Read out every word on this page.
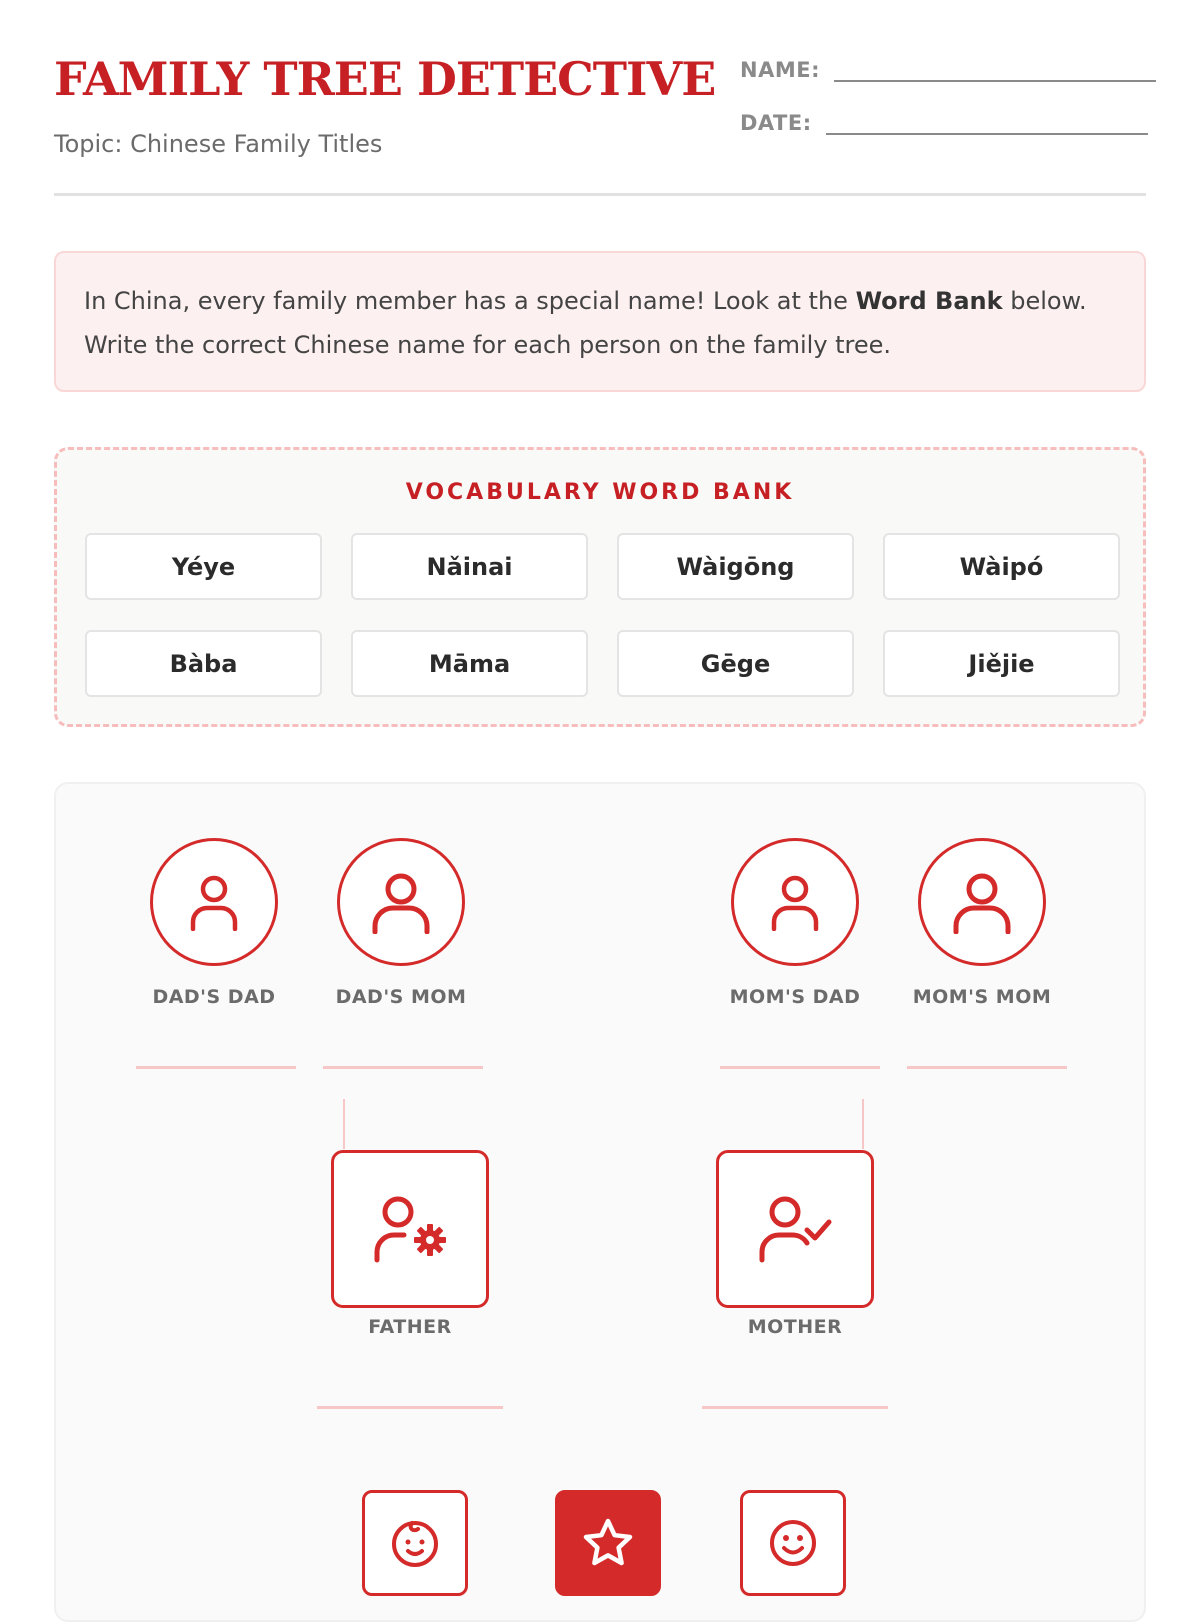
FAMILY TREE DETECTIVE
Topic: Chinese Family Titles
NAME:
DATE:
In China, every family member has a special name! Look at the Word Bank below.
Write the correct Chinese name for each person on the family tree.
VOCABULARY WORD BANK
Yéye	Nǎinai	Wàigōng	Wàipó
Bàba	Māma	Gēge	Jiějie
DAD'S DAD	DAD'S MOM	MOM'S DAD	MOM'S MOM
FATHER	MOTHER
